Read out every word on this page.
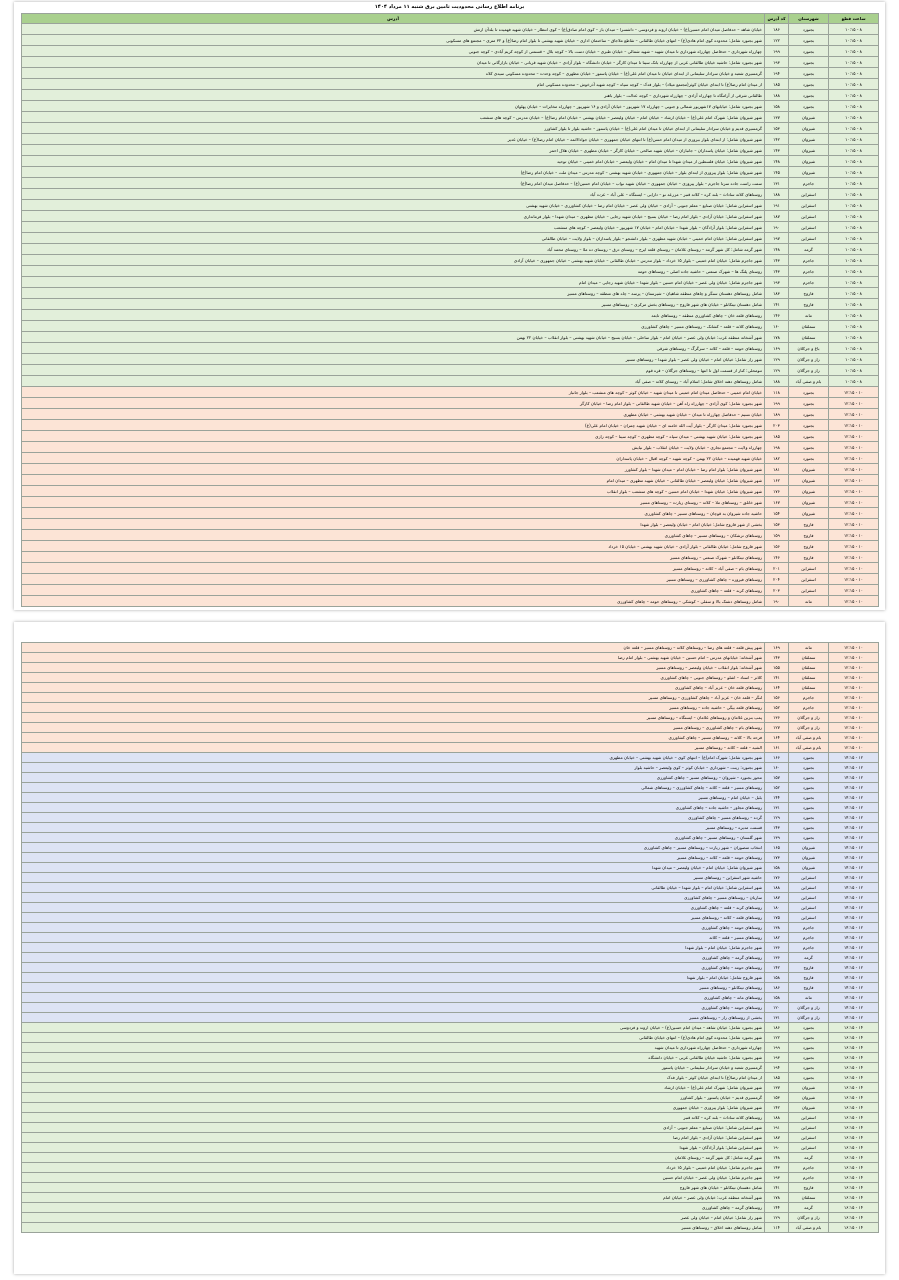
برنامه اطلاع رسانی محدودیت تامین برق شنبه ۱۱ مرداد ۱۴۰۴
ساعت قطع	شهرستان	کد آدرس	آدرس
۸ - ۱۰:۱۵	بجنورد	۱۸۶	خیابان شاهد – حدفاصل میدان امام حسین(ع) – خیابان اروند و فردوسی – داشسرا – میدان باز – کوی امام صادق(ع) – کوی انتظار – خیابان شهید فهمیده تا بلدآن ارتش
۸ - ۱۰:۱۵	بجنورد	۱۲۲	شهر بجنورد شامل: محدوده کوی امام هادی(ع) – انتهای خیابان طالقانی – تقاطع ملاجاق – ساختمان اداری – خیابان شهید بهشتی تا بلوار امام رضا(ع) و ۳۲ متری – مجتمع های مسکونی
۸ - ۱۰:۱۵	بجنورد	۱۹۹	چهارراه شهرداری – حدفاصل چهارراه شهرداری تا میدان شهید – شهید شمالی – خیابان طبری – خیابان دست بالا – کوچه بلال – قسمتی از کوچه کریم آبادی – کوچه جنوبی
۸ - ۱۰:۱۵	بجنورد	۱۹۳	شهر بجنورد شامل: حاشیه خیابان طالقانی غربی از چهارراه بانک سینا تا میدان کارگر – خیابان دانشگاه – بلوار آزادی – خیابان شهید قربانی – خیابان بازارگانی تا میدان
۸ - ۱۰:۱۵	بجنورد	۱۹۴	گرمسیری شعبه و خیابان سرادار سلیمانی از ابتدای خیابان تا میدان امام علی(ع) – خیابان پاستور – خیابان مطهری – کوچه وحدت – محدوده مسکونی سیدی کلاه
۸ - ۱۰:۱۵	بجنورد	۱۸۵	از میدان امام رضا(ع) تا ابتدای خیابان کوثر(مجتمع میلاد) – بلوار فدک – کوچه سپاه – کوچه شهید آذرخوش – محدوده مسکونی امام
۸ - ۱۰:۱۵	بجنورد	۱۸۸	طالقانی شرقی از آرامگاه تا چهارراه آزادی – چهارراه شهرداری – کوچه عدالت – بلوار باهنر
۸ - ۱۰:۱۵	بجنورد	۱۵۸	شهر بجنورد شامل: خیابانهای ۱۷شهریور شمالی و جنوبی – چهارراه ۱۷ شهریور – خیابان آزادی و ۱۶ شهریور – چهارراه مخابرات – خیابان پهلوان
۸ - ۱۰:۱۵	شیروان	۱۳۷	شهر شیروان شامل: شهرک امام علی(ع) – خیابان ارشاد – خیابان امام – خیابان ولیعصر – خیابان بهشتی – خیابان امام رضا(ع) – خیابان مدرس – کوچه های منشعب
۸ - ۱۰:۱۵	شیروان	۱۵۳	گرمسیری قدیم و خیابان سرادار سلیمانی از ابتدای خیابان تا میدان امام علی(ع) – خیابان پاستور – حاشیه بلوار تا بلوار کشاورز
۸ - ۱۰:۱۵	شیروان	۱۴۲	شهر شیروان شامل: از ابتدای بلوار بیروزی از میدان امام حسن(ع) تا انتهای خیابان جمهوری – خیابان جوادالائمه – خیابان امام رضا(ع) – خیابان غدیر
۸ - ۱۰:۱۵	شیروان	۱۴۳	شهر شیروان شامل: خیابان پاسداران – جانبازان – خیابان شهید صالحی – خیابان کارگر – خیابان مطهری – خیابان هلال احمر
۸ - ۱۰:۱۵	شیروان	۱۴۸	شهر شیروان شامل: خیابان فلسطین از میدان شهدا تا میدان امام – خیابان ولیعصر – خیابان امام خمینی – خیابان توحید
۸ - ۱۰:۱۵	شیروان	۱۴۵	شهر شیروان شامل: بلوار پیروزی از ابتدای بلوار – خیابان جمهوری – خیابان شهید بهشتی – کوچه مدرس – میدان ملت – خیابان امام رضا(ع)
۸ - ۱۰:۱۵	جاجرم	۱۳۱	سمت راست جاده سرتا جاجرم – بلوار پیروزی – خیابان جمهوری – خیابان شهید نواب – خیابان امام حسین(ع) – حدفاصل میدان امام رضا(ع)
۸ - ۱۰:۱۵	اسفراین	۱۸۸	روستاهای کلاته ساداث – بلند کره – کلاته قنبر – مزرعه نو – دارابی – ایستگاه – علی آباد – عزت آباد
۸ - ۱۰:۱۵	اسفراین	۱۹۱	شهر اسفراین شامل: خیابان صنایع – معلم جنوبی – آزادی – خیابان ولی عصر – خیابان امام رضا – خیابان کشاورزی – خیابان شهید بهشتی
۸ - ۱۰:۱۵	اسفراین	۱۸۷	شهر اسفراین شامل: خیابان آزادی – بلوار امام رضا – خیابان بسیج – خیابان شهید رجایی – خیابان مطهری – میدان شهدا – بلوار فرمانداری
۸ - ۱۰:۱۵	اسفراین	۱۹۰	شهر اسفراین شامل: بلوار آزادگان – بلوار شهدا – خیابان امام – خیابان ۱۷ شهریور – خیابان ولیعصر – کوچه های منشعب
۸ - ۱۰:۱۵	اسفراین	۱۹۷	شهر اسفراین شامل: خیابان امام خمینی – خیابان شهید مطهری – بلوار دانشجو – بلوار پاسداران – بلوار ولایت – خیابان طالقانی
۸ - ۱۰:۱۵	گرمه	۱۴۸	شهر گرمه شامل: کل شهر گرمه – روستای غلامان – روستای قلعه ایرج – روستای درق – روستای ده ملا – روستای محمد آباد
۸ - ۱۰:۱۵	جاجرم	۱۴۳	شهر جاجرم شامل: خیابان امام خمینی – بلوار ۱۵ خرداد – بلوار مدرس – خیابان طالقانی – خیابان شهید بهشتی – خیابان جمهوری – خیابان آزادی
۸ - ۱۰:۱۵	جاجرم	۱۴۳	روستای پلنگ ها – شهرک صنعتی – حاشیه جاده اصلی – روستاهای حومه
۸ - ۱۰:۱۵	جاجرم	۱۹۳	شهر جاجرم شامل: خیابان ولی عصر – خیابان امام حسین – بلوار شهدا – خیابان شهید رجایی – میدان امام
۸ - ۱۰:۱۵	فاروج	۱۸۳	شامل روستاهای دهستان سنگر و چاهای منطقه شاهیان – شیرستان – پرسه – چاه های منطقه – روستاهای مسیر
۸ - ۱۰:۱۵	فاروج	۱۴۱	شامل دهستان تیتکانلو – خیابان های شهر فاروج – روستاهای بخش مرکزی – روستاهای مسیر
۸ - ۱۰:۱۵	مانه	۱۴۶	روستاهای قلعه خان – چاهای کشاورزی منطقه – روستاهای تابعه
۸ - ۱۰:۱۵	سملقان	۱۶۰	روستاهای کلاته – قلعه – کشانک – روستاهای مسیر – چاهای کشاورزی
۸ - ۱۰:۱۵	سملقان	۱۷۸	شهر آشخانه منطقه غرب: خیابان ولی عصر – خیابان امام – بلوار ساحلی – خیابان بسیج – خیابان شهید بهشتی – بلوار انقلاب – خیابان ۲۲ بهمن
۸ - ۱۰:۱۵	باغ و جرکلان	۱۶۹	روستاهای حومه – قلعه – کلاته – سرگرگ – روستاهای شرقی
۸ - ۱۰:۱۵	راز و جرگلان	۱۲۹	شهر راز شامل: خیابان امام – خیابان ولی عصر – بلوار شهدا – روستاهای مسیر
۸ - ۱۰:۱۵	راز و جرگلان	۱۲۹	تنومحلی: کنار از قسمت اول تا انتها – روستاهای جرگلان – قره قوم
۸ - ۱۰:۱۵	بام و صفی آباد	۱۸۸	شامل روستاهای دهنه اخلاق شامل: اسلام آباد – روستای کلاته – صفی آباد
۱۰ - ۱۲:۱۵	بجنورد	۱۱۸	خیابان امام خمینی – حدفاصل میدان امام خمینی تا میدان شهید – خیابان کوثر – کوچه های منشعب – بلوار جانباز
۱۰ - ۱۲:۱۵	بجنورد	۱۹۹	شهر بجنورد شامل: کوی آزادی – چهارراه راه آهن – خیابان شهید طالقانی – بلوار امام رضا – خیابان کارگر
۱۰ - ۱۲:۱۵	بجنورد	۱۸۹	خیابان نسیم – حدفاصل چهارراه تا میدان – خیابان شهید بهشتی – خیابان مطهری
۱۰ - ۱۲:۱۵	بجنورد	۲۰۳	شهر بجنورد شامل: میدان کارگر – بلوار آیت الله خامنه ای – خیابان شهید چمران – خیابان امام علی(ع)
۱۰ - ۱۲:۱۵	بجنورد	۱۸۵	شهر بجنورد شامل: خیابان شهید بهشتی – میدان سپاه – کوچه مطهری – کوچه سینا – کوچه رازی
۱۰ - ۱۲:۱۵	بجنورد	۱۹۸	چهارراه ولایت – مجتمع تجاری – خیابان ولایت – خیابان انقلاب – بلوار نیایش
۱۰ - ۱۲:۱۵	بجنورد	۱۸۲	خیابان شهید فهمیده – خیابان ۲۲ بهمن – کوچه شهید – کوچه اقبال – خیابان پاسداران
۱۰ - ۱۲:۱۵	شیروان	۱۸۱	شهر شیروان شامل: بلوار امام رضا – خیابان امام – میدان شهدا – بلوار کشاورز
۱۰ - ۱۲:۱۵	شیروان	۱۶۲	شهر شیروان شامل: خیابان ولیعصر – خیابان طالقانی – خیابان شهید مطهری – میدان امام
۱۰ - ۱۲:۱۵	شیروان	۱۷۶	شهر شیروان شامل: خیابان شهدا – خیابان امام حسین – کوچه های منشعب – بلوار انقلاب
۱۰ - ۱۲:۱۵	شیروان	۱۶۷	شهر خانلق – روستاهای ملا – کلاته – روستای زیارت – روستاهای مسیر
۱۰ - ۱۲:۱۵	شیروان	۱۵۴	حاشیه جاده شیروان به قوچان – روستاهای مسیر – چاهای کشاورزی
۱۰ - ۱۲:۱۵	فاروج	۱۵۳	بخشی از شهر فاروج شامل: خیابان امام – خیابان ولیعصر – بلوار شهدا
۱۰ - ۱۲:۱۵	فاروج	۱۵۹	روستاهای ترشکان – روستاهای مسیر – چاهای کشاورزی
۱۰ - ۱۲:۱۵	فاروج	۱۵۶	شهر فاروج شامل: خیابان طالقانی – بلوار آزادی – خیابان شهید بهشتی – خیابان ۱۵ خرداد
۱۰ - ۱۲:۱۵	فاروج	۱۴۶	روستاهای تیتکانلو – شهرک صنعتی – روستاهای مسیر
۱۰ - ۱۲:۱۵	اسفراین	۲۰۱	روستاهای بام – صفی آباد – کلاته – روستاهای مسیر
۱۰ - ۱۲:۱۵	اسفراین	۲۰۴	روستاهای فیروزه – چاهای کشاورزی – روستاهای مسیر
۱۰ - ۱۲:۱۵	اسفراین	۲۰۳	روستاهای کرند – قلعه – چاهای کشاورزی
۱۰ - ۱۲:۱۵	مانه	۱۹۰	شامل روستاهای دشتک بالا و سفلی – کوشکی – روستاهای حومه – چاهای کشاورزی
۱۰ - ۱۲:۱۵	مانه	۱۶۹	شهر پیش قلعه – قلعه های رضا – روستاهای کلاته – روستاهای مسیر – قلعه خان
۱۰ - ۱۲:۱۵	سملقان	۱۴۳	شهر آشخانه: خیابانهای مدرس – امام حسین – خیابان شهید بهشتی – بلوار امام رضا
۱۰ - ۱۲:۱۵	سملقان	۱۵۵	شهر آشخانه: بلوار انقلاب – خیابان ولیعصر – روستاهای مسیر
۱۰ - ۱۲:۱۵	سملقان	۱۴۱	کلاتر – استاد – اشلو – روستاهای جنوبی – چاهای کشاورزی
۱۰ - ۱۲:۱۵	سملقان	۱۶۴	روستاهای قلعه خان – عزیز آباد – چاهای کشاورزی
۱۰ - ۱۲:۱۵	جاجرم	۱۵۶	لنگر – قلعه خان – عزیز آباد – چاهای کشاورزی – روستاهای مسیر
۱۰ - ۱۲:۱۵	جاجرم	۱۵۲	روستاهای قلعه بیگی – حاشیه جاده – روستاهای مسیر
۱۰ - ۱۲:۱۵	راز و جرگلان	۱۳۶	پمپ بنزین غلامان و روستاهای غلامان – ایستگاه – روستاهای مسیر
۱۰ - ۱۲:۱۵	راز و جرگلان	۱۲۷	روستاهای بام – چاهای کشاورزی – روستاهای مسیر
۱۰ - ۱۲:۱۵	بام و صفی آباد	۱۶۴	فرحه بالا – کلاته – روستاهای مسیر – چاهای کشاورزی
۱۰ - ۱۲:۱۵	بام و صفی آباد	۱۶۱	الشیه – قلعه – کلاته – روستاهای مسیر
۱۲ - ۱۴:۱۵	بجنورد	۱۶۶	شهر بجنورد شامل: شهرک امام(ع) – انتهای کوی – خیابان شهید بهشتی – خیابان مطهری
۱۲ - ۱۴:۱۵	بجنورد	۱۶۰	شهر بجنورد: زینت – شهرداری – خیابان کوثر – کوی ولیعصر – حاشیه بلوار
۱۲ - ۱۴:۱۵	بجنورد	۱۵۷	محور بجنورد – شیروان – روستاهای مسیر – چاهای کشاورزی
۱۲ - ۱۴:۱۵	بجنورد	۱۵۲	روستاهای مسیر – قلعه – کلاته – چاهای کشاورزی – روستاهای شمالی
۱۲ - ۱۴:۱۵	بجنورد	۱۴۴	بلبل – خیابان امام – روستاهای مسیر
۱۲ - ۱۴:۱۵	بجنورد	۱۳۱	روستاهای مجاور – حاشیه جاده – چاهای کشاورزی
۱۲ - ۱۴:۱۵	بجنورد	۱۲۹	گرده – روستاهای مسیر – چاهای کشاورزی
۱۲ - ۱۴:۱۵	بجنورد	۱۴۳	قسمت مدیره – روستاهای مسیر
۱۲ - ۱۴:۱۵	بجنورد	۱۳۹	شهر گلستان – روستاهای مسیر – چاهای کشاورزی
۱۲ - ۱۴:۱۵	شیروان	۱۶۵	انتخاب منصوران – شهر زیارت – روستاهای مسیر – چاهای کشاورزی
۱۲ - ۱۴:۱۵	شیروان	۱۷۳	روستاهای حومه – قلعه – کلاته – روستاهای مسیر
۱۲ - ۱۴:۱۵	شیروان	۱۵۸	شهر شیروان شامل: خیابان امام – خیابان ولیعصر – میدان شهدا
۱۲ - ۱۴:۱۵	اسفراین	۱۷۶	حاشیه شهر اسفراین – روستاهای مسیر
۱۲ - ۱۴:۱۵	اسفراین	۱۸۸	شهر اسفراین شامل: خیابان امام – بلوار شهدا – خیابان طالقانی
۱۲ - ۱۴:۱۵	اسفراین	۱۸۷	ساربان – روستاهای مسیر – چاهای کشاورزی
۱۲ - ۱۴:۱۵	اسفراین	۱۸۰	روستاهای کرند – قلعه – چاهای کشاورزی
۱۲ - ۱۴:۱۵	اسفراین	۱۷۵	روستاهای قلعه – کلاته – روستاهای مسیر
۱۲ - ۱۴:۱۵	جاجرم	۱۳۸	روستاهای حومه – چاهای کشاورزی
۱۲ - ۱۴:۱۵	جاجرم	۱۸۲	روستاهای مسیر – قلعه – کلاته
۱۲ - ۱۴:۱۵	جاجرم	۱۳۶	شهر جاجرم شامل: خیابان امام – بلوار شهدا
۱۲ - ۱۴:۱۵	گرمه	۱۳۶	روستاهای گرمه – چاهای کشاورزی
۱۲ - ۱۴:۱۵	فاروج	۱۴۲	روستاهای حومه – چاهای کشاورزی
۱۲ - ۱۴:۱۵	فاروج	۱۵۸	شهر فاروج شامل: خیابان امام – بلوار شهدا
۱۲ - ۱۴:۱۵	فاروج	۱۸۶	روستاهای تیتکانلو – روستاهای مسیر
۱۲ - ۱۴:۱۵	مانه	۱۵۸	روستاهای مانه – چاهای کشاورزی
۱۲ - ۱۴:۱۵	راز و جرگلان	۱۲۰	روستاهای حومه – چاهای کشاورزی
۱۲ - ۱۴:۱۵	راز و جرگلان	۱۳۱	بخشی از روستاهای راز – روستاهای مسیر
۱۴ - ۱۶:۱۵	بجنورد	۱۸۶	شهر بجنورد شامل: خیابان شاهد – میدان امام حسین(ع) – خیابان اروند و فردوسی
۱۴ - ۱۶:۱۵	بجنورد	۱۲۲	شهر بجنورد شامل: محدوده کوی امام هادی(ع) – انتهای خیابان طالقانی
۱۴ - ۱۶:۱۵	بجنورد	۱۹۹	چهارراه شهرداری – حدفاصل چهارراه شهرداری تا میدان شهید
۱۴ - ۱۶:۱۵	بجنورد	۱۹۳	شهر بجنورد شامل: حاشیه خیابان طالقانی غربی – خیابان دانشگاه
۱۴ - ۱۶:۱۵	بجنورد	۱۹۴	گرمسیری شعبه و خیابان سرادار سلیمانی – خیابان پاستور
۱۴ - ۱۶:۱۵	بجنورد	۱۸۵	از میدان امام رضا(ع) تا ابتدای خیابان کوثر – بلوار فدک
۱۴ - ۱۶:۱۵	شیروان	۱۳۷	شهر شیروان شامل: شهرک امام علی(ع) – خیابان ارشاد
۱۴ - ۱۶:۱۵	شیروان	۱۵۳	گرمسیری قدیم – خیابان پاستور – بلوار کشاورز
۱۴ - ۱۶:۱۵	شیروان	۱۴۲	شهر شیروان شامل: بلوار پیروزی – خیابان جمهوری
۱۴ - ۱۶:۱۵	اسفراین	۱۸۸	روستاهای کلاته ساداث – بلند کره – کلاته قنبر
۱۴ - ۱۶:۱۵	اسفراین	۱۹۱	شهر اسفراین شامل: خیابان صنایع – معلم جنوبی – آزادی
۱۴ - ۱۶:۱۵	اسفراین	۱۸۷	شهر اسفراین شامل: خیابان آزادی – بلوار امام رضا
۱۴ - ۱۶:۱۵	اسفراین	۱۹۰	شهر اسفراین شامل: بلوار آزادگان – بلوار شهدا
۱۴ - ۱۶:۱۵	گرمه	۱۴۸	شهر گرمه شامل: کل شهر گرمه – روستای غلامان
۱۴ - ۱۶:۱۵	جاجرم	۱۴۳	شهر جاجرم شامل: خیابان امام خمینی – بلوار ۱۵ خرداد
۱۴ - ۱۶:۱۵	جاجرم	۱۹۳	شهر جاجرم شامل: خیابان ولی عصر – خیابان امام حسین
۱۴ - ۱۶:۱۵	فاروج	۱۴۱	شامل دهستان تیتکانلو – خیابان های شهر فاروج
۱۴ - ۱۶:۱۵	سملقان	۱۷۸	شهر آشخانه منطقه غرب: خیابان ولی عصر – خیابان امام
۱۴ - ۱۶:۱۵	گرمه	۱۴۴	روستاهای گرمه – چاهای کشاورزی
۱۴ - ۱۶:۱۵	راز و جرگلان	۱۲۹	شهر راز شامل: خیابان امام – خیابان ولی عصر
۱۴ - ۱۶:۱۵	بام و صفی آباد	۱۱۴	شامل روستاهای دهنه اخلاق – روستاهای مسیر
